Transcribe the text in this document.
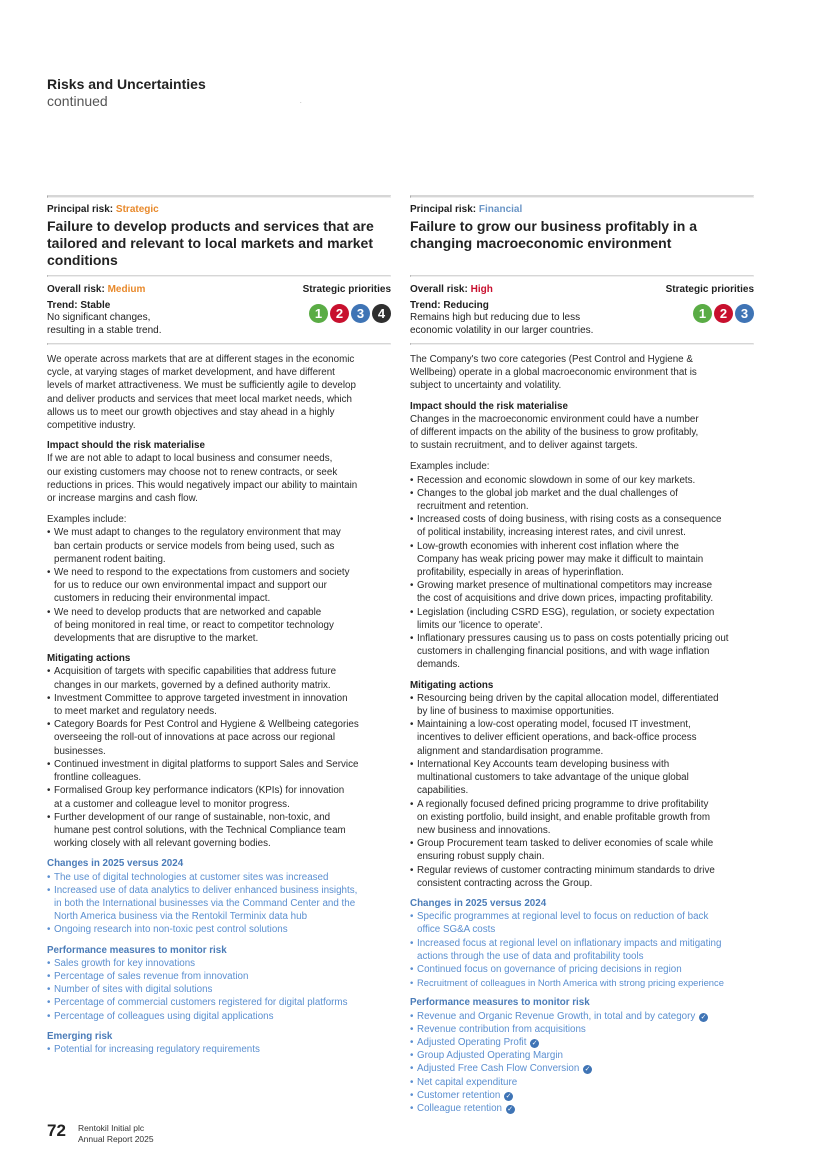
Risks and Uncertainties
continued	.
Principal risk: Strategic
Failure to develop products and services that are tailored and relevant to local markets and market conditions
Overall risk: Medium
Trend: Stable
No significant changes,
resulting in a stable trend.
Strategic priorities
1	2	3	4

We operate across markets that are at different stages in the economic

cycle, at varying stages of market development, and have different

levels of market attractiveness. We must be sufficiently agile to develop

and deliver products and services that meet local market needs, which

allows us to meet our growth objectives and stay ahead in a highly

competitive industry.

Impact should the risk materialise

If we are not able to adapt to local business and consumer needs,

our existing customers may choose not to renew contracts, or seek

reductions in prices. This would negatively impact our ability to maintain

or increase margins and cash flow.

Examples include:

• We must adapt to changes to the regulatory environment that may

ban certain products or service models from being used, such as

permanent rodent baiting.

• We need to respond to the expectations from customers and society

for us to reduce our own environmental impact and support our

customers in reducing their environmental impact.

• We need to develop products that are networked and capable

of being monitored in real time, or react to competitor technology

developments that are disruptive to the market.

Mitigating actions

• Acquisition of targets with specific capabilities that address future

changes in our markets, governed by a defined authority matrix.

• Investment Committee to approve targeted investment in innovation

to meet market and regulatory needs.

• Category Boards for Pest Control and Hygiene & Wellbeing categories

overseeing the roll-out of innovations at pace across our regional

businesses.

• Continued investment in digital platforms to support Sales and Service

frontline colleagues.

• Formalised Group key performance indicators (KPIs) for innovation

at a customer and colleague level to monitor progress.

• Further development of our range of sustainable, non-toxic, and

humane pest control solutions, with the Technical Compliance team

working closely with all relevant governing bodies.

Changes in 2025 versus 2024

• The use of digital technologies at customer sites was increased

• Increased use of data analytics to deliver enhanced business insights,

in both the International businesses via the Command Center and the

North America business via the Rentokil Terminix data hub

• Ongoing research into non-toxic pest control solutions

Performance measures to monitor risk
• Sales growth for key innovations
• Percentage of sales revenue from innovation
• Number of sites with digital solutions
• Percentage of commercial customers registered for digital platforms
• Percentage of colleagues using digital applications
Emerging risk
• Potential for increasing regulatory requirements
Principal risk: Financial
Failure to grow our business profitably in a changing macroeconomic environment
Overall risk: High
Trend: Reducing
Remains high but reducing due to less
economic volatility in our larger countries.
Strategic priorities
1	2	3

The Company's two core categories (Pest Control and Hygiene &

Wellbeing) operate in a global macroeconomic environment that is

subject to uncertainty and volatility.

Impact should the risk materialise

Changes in the macroeconomic environment could have a number

of different impacts on the ability of the business to grow profitably,

to sustain recruitment, and to deliver against targets.

Examples include:

• Recession and economic slowdown in some of our key markets.

• Changes to the global job market and the dual challenges of

recruitment and retention.

• Increased costs of doing business, with rising costs as a consequence

of political instability, increasing interest rates, and civil unrest.

• Low-growth economies with inherent cost inflation where the

Company has weak pricing power may make it difficult to maintain

profitability, especially in areas of hyperinflation.

• Growing market presence of multinational competitors may increase

the cost of acquisitions and drive down prices, impacting profitability.

• Legislation (including CSRD ESG), regulation, or society expectation

limits our 'licence to operate'.

• Inflationary pressures causing us to pass on costs potentially pricing out

customers in challenging financial positions, and with wage inflation

demands.

Mitigating actions

• Resourcing being driven by the capital allocation model, differentiated

by line of business to maximise opportunities.

• Maintaining a low-cost operating model, focused IT investment,

incentives to deliver efficient operations, and back-office process

alignment and standardisation programme.

• International Key Accounts team developing business with

multinational customers to take advantage of the unique global

capabilities.

• A regionally focused defined pricing programme to drive profitability

on existing portfolio, build insight, and enable profitable growth from

new business and innovations.

• Group Procurement team tasked to deliver economies of scale while

ensuring robust supply chain.

• Regular reviews of customer contracting minimum standards to drive

consistent contracting across the Group.

Changes in 2025 versus 2024

• Specific programmes at regional level to focus on reduction of back

office SG&A costs

• Increased focus at regional level on inflationary impacts and mitigating

actions through the use of data and profitability tools

• Continued focus on governance of pricing decisions in region

• Recruitment of colleagues in North America with strong pricing experience

Performance measures to monitor risk
• Revenue and Organic Revenue Growth, in total and by category ✓
• Revenue contribution from acquisitions
• Adjusted Operating Profit ✓
• Group Adjusted Operating Margin
• Adjusted Free Cash Flow Conversion ✓
• Net capital expenditure
• Customer retention ✓
• Colleague retention ✓
72 Rentokil Initial plc
Annual Report 2025
